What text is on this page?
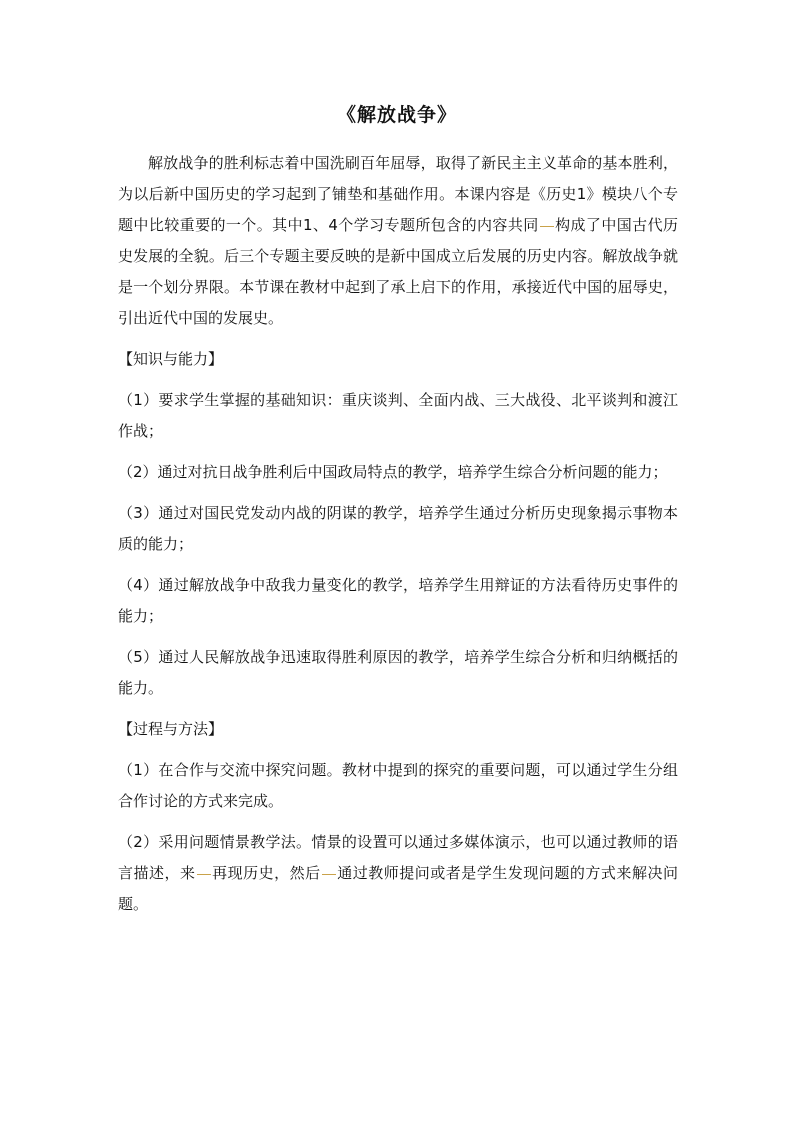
《解放战争》

解放战争的胜利标志着中国洗刷百年屈辱，取得了新民主主义革命的基本胜利，为以后新中国历史的学习起到了铺垫和基础作用。本课内容是《历史1》模块八个专题中比较重要的一个。其中1、4个学习专题所包含的内容共同 构成了中国古代历史发展的全貌。后三个专题主要反映的是新中国成立后发展的历史内容。解放战争就是一个划分界限。本节课在教材中起到了承上启下的作用，承接近代中国的屈辱史，引出近代中国的发展史。

【知识与能力】

（1）要求学生掌握的基础知识：重庆谈判、全面内战、三大战役、北平谈判和渡江作战；

（2）通过对抗日战争胜利后中国政局特点的教学，培养学生综合分析问题的能力；

（3）通过对国民党发动内战的阴谋的教学，培养学生通过分析历史现象揭示事物本质的能力；

（4）通过解放战争中敌我力量变化的教学，培养学生用辩证的方法看待历史事件的能力；

（5）通过人民解放战争迅速取得胜利原因的教学，培养学生综合分析和归纳概括的能力。

【过程与方法】

（1）在合作与交流中探究问题。教材中提到的探究的重要问题，可以通过学生分组合作讨论的方式来完成。

（2）采用问题情景教学法。情景的设置可以通过多媒体演示，也可以通过教师的语言描述，来 再现历史，然后 通过教师提问或者是学生发现问题的方式来解决问题。
